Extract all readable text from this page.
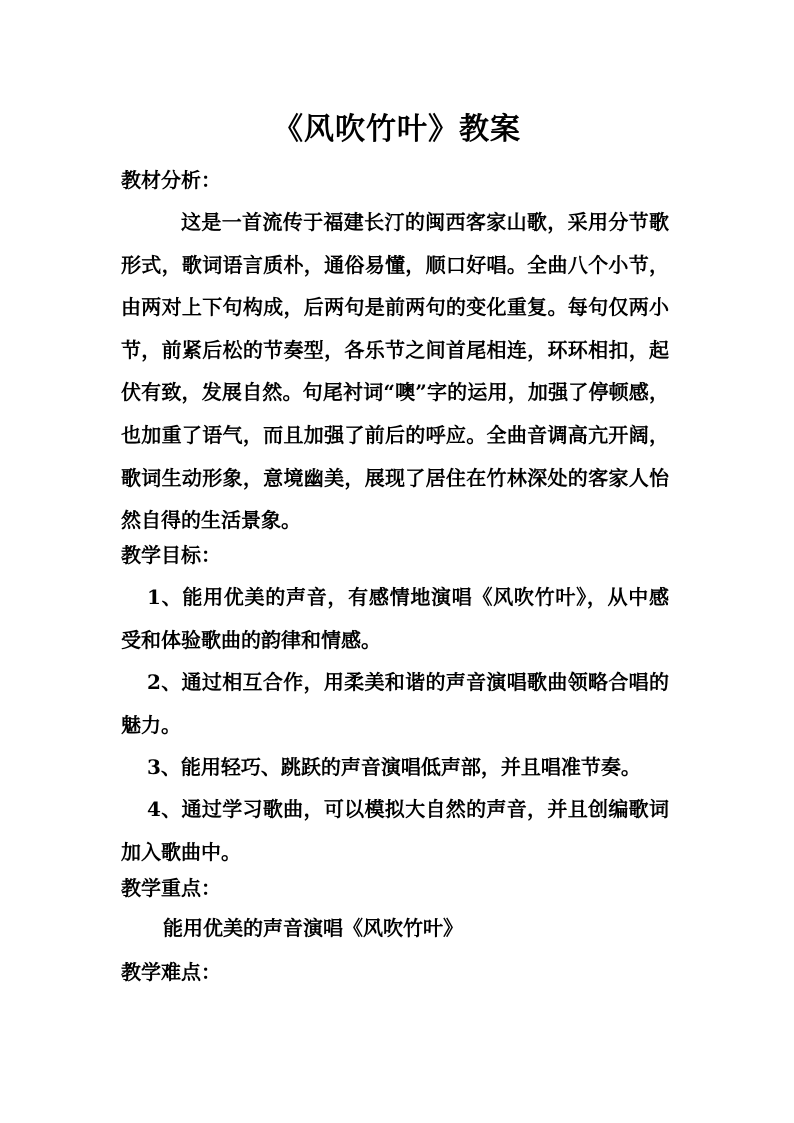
《风吹竹叶》教案
教材分析：
这是一首流传于福建长汀的闽西客家山歌，采用分节歌形式，歌词语言质朴，通俗易懂，顺口好唱。全曲八个小节，由两对上下句构成，后两句是前两句的变化重复。每句仅两小节，前紧后松的节奏型，各乐节之间首尾相连，环环相扣，起伏有致，发展自然。句尾衬词“噢”字的运用，加强了停顿感，也加重了语气，而且加强了前后的呼应。全曲音调高亢开阔，歌词生动形象，意境幽美，展现了居住在竹林深处的客家人怡然自得的生活景象。
教学目标：
1、能用优美的声音，有感情地演唱《风吹竹叶》，从中感受和体验歌曲的韵律和情感。
2、通过相互合作，用柔美和谐的声音演唱歌曲领略合唱的魅力。
3、能用轻巧、跳跃的声音演唱低声部，并且唱准节奏。
4、通过学习歌曲，可以模拟大自然的声音，并且创编歌词加入歌曲中。
教学重点：
能用优美的声音演唱《风吹竹叶》
教学难点：
